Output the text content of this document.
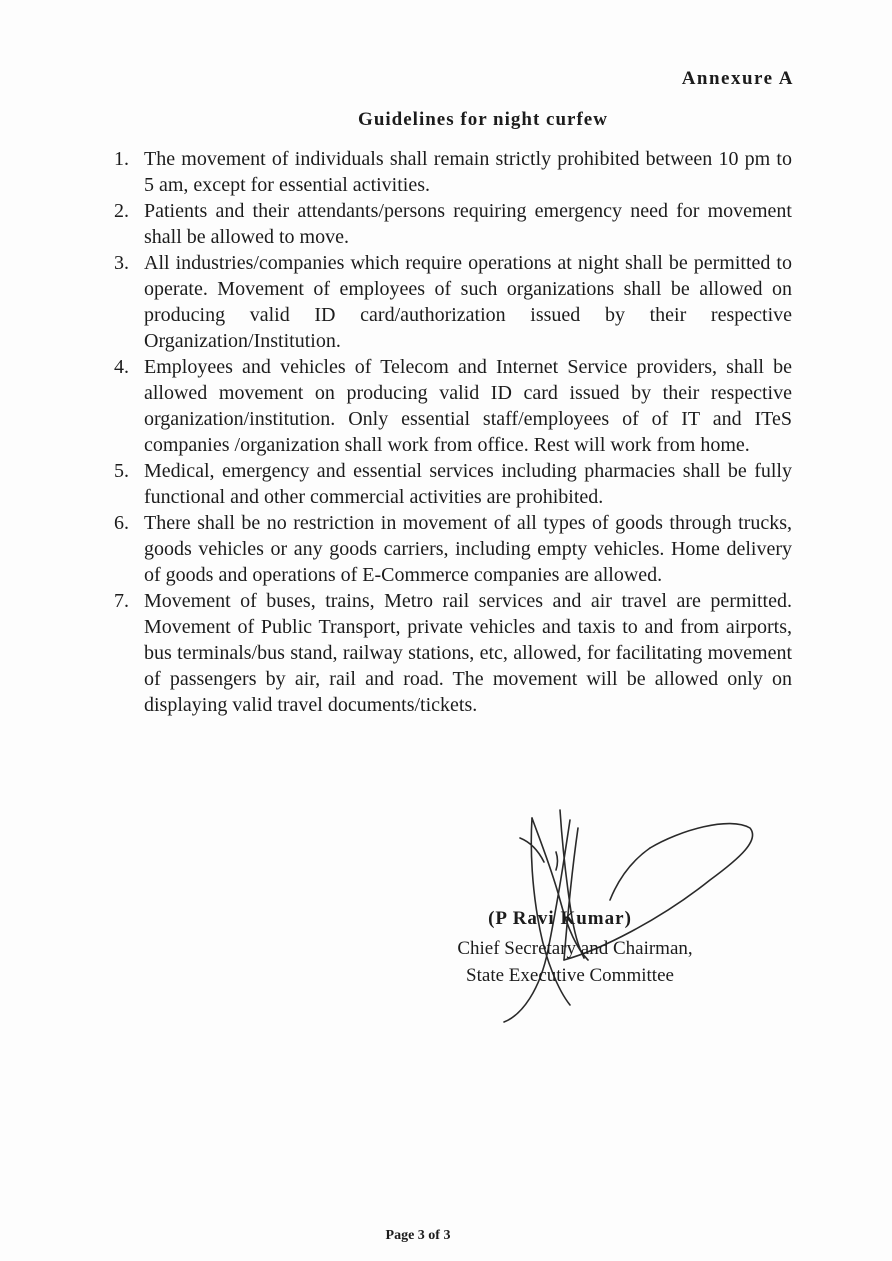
Annexure A
Guidelines for night curfew
1. The movement of individuals shall remain strictly prohibited between 10 pm to 5 am, except for essential activities.
2. Patients and their attendants/persons requiring emergency need for movement shall be allowed to move.
3. All industries/companies which require operations at night shall be permitted to operate. Movement of employees of such organizations shall be allowed on producing valid ID card/authorization issued by their respective Organization/Institution.
4. Employees and vehicles of Telecom and Internet Service providers, shall be allowed movement on producing valid ID card issued by their respective organization/institution. Only essential staff/employees of of IT and ITeS companies /organization shall work from office. Rest will work from home.
5. Medical, emergency and essential services including pharmacies shall be fully functional and other commercial activities are prohibited.
6. There shall be no restriction in movement of all types of goods through trucks, goods vehicles or any goods carriers, including empty vehicles. Home delivery of goods and operations of E-Commerce companies are allowed.
7. Movement of buses, trains, Metro rail services and air travel are permitted. Movement of Public Transport, private vehicles and taxis to and from airports, bus terminals/bus stand, railway stations, etc, allowed, for facilitating movement of passengers by air, rail and road. The movement will be allowed only on displaying valid travel documents/tickets.
(P Ravi Kumar)
Chief Secretary and Chairman,
State Executive Committee
Page 3 of 3
